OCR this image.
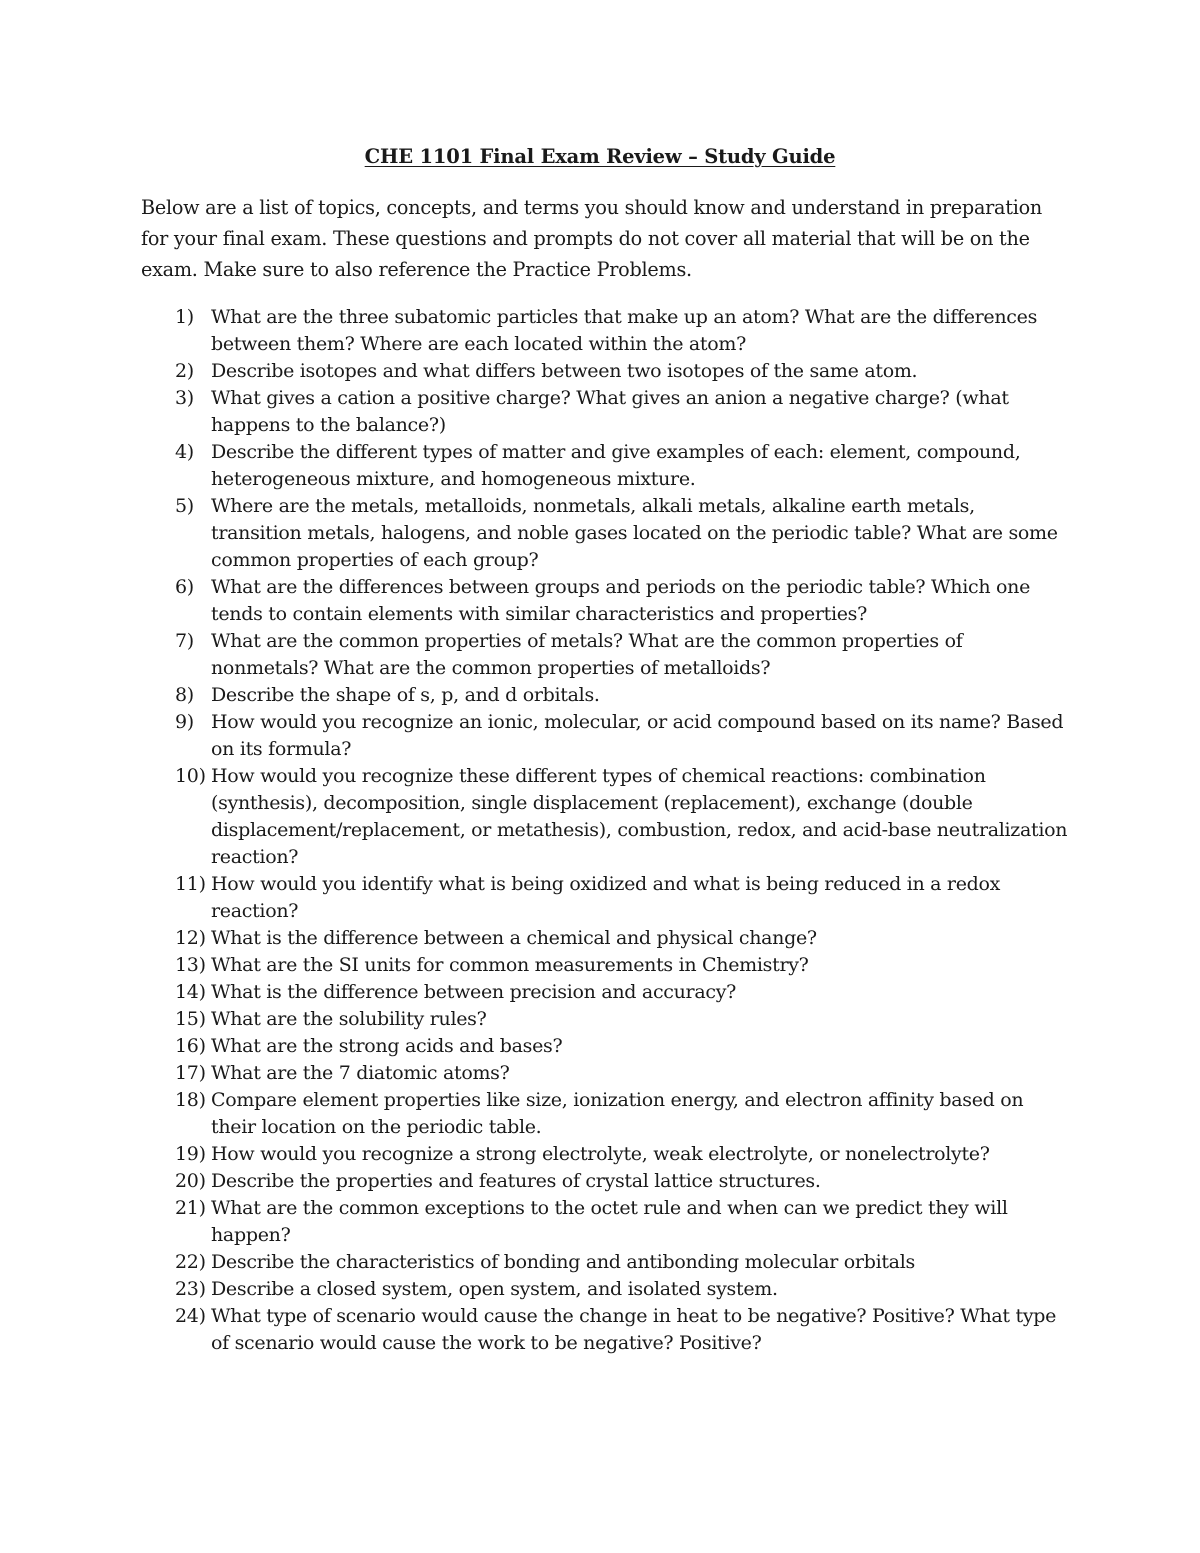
CHE 1101 Final Exam Review – Study Guide
Below are a list of topics, concepts, and terms you should know and understand in preparation for your final exam. These questions and prompts do not cover all material that will be on the exam. Make sure to also reference the Practice Problems.
1) What are the three subatomic particles that make up an atom? What are the differences between them? Where are each located within the atom?
2) Describe isotopes and what differs between two isotopes of the same atom.
3) What gives a cation a positive charge? What gives an anion a negative charge? (what happens to the balance?)
4) Describe the different types of matter and give examples of each: element, compound, heterogeneous mixture, and homogeneous mixture.
5) Where are the metals, metalloids, nonmetals, alkali metals, alkaline earth metals, transition metals, halogens, and noble gases located on the periodic table? What are some common properties of each group?
6) What are the differences between groups and periods on the periodic table? Which one tends to contain elements with similar characteristics and properties?
7) What are the common properties of metals? What are the common properties of nonmetals? What are the common properties of metalloids?
8) Describe the shape of s, p, and d orbitals.
9) How would you recognize an ionic, molecular, or acid compound based on its name? Based on its formula?
10) How would you recognize these different types of chemical reactions: combination (synthesis), decomposition, single displacement (replacement), exchange (double displacement/replacement, or metathesis), combustion, redox, and acid-base neutralization reaction?
11) How would you identify what is being oxidized and what is being reduced in a redox reaction?
12) What is the difference between a chemical and physical change?
13) What are the SI units for common measurements in Chemistry?
14) What is the difference between precision and accuracy?
15) What are the solubility rules?
16) What are the strong acids and bases?
17) What are the 7 diatomic atoms?
18) Compare element properties like size, ionization energy, and electron affinity based on their location on the periodic table.
19) How would you recognize a strong electrolyte, weak electrolyte, or nonelectrolyte?
20) Describe the properties and features of crystal lattice structures.
21) What are the common exceptions to the octet rule and when can we predict they will happen?
22) Describe the characteristics of bonding and antibonding molecular orbitals
23) Describe a closed system, open system, and isolated system.
24) What type of scenario would cause the change in heat to be negative? Positive? What type of scenario would cause the work to be negative? Positive?
